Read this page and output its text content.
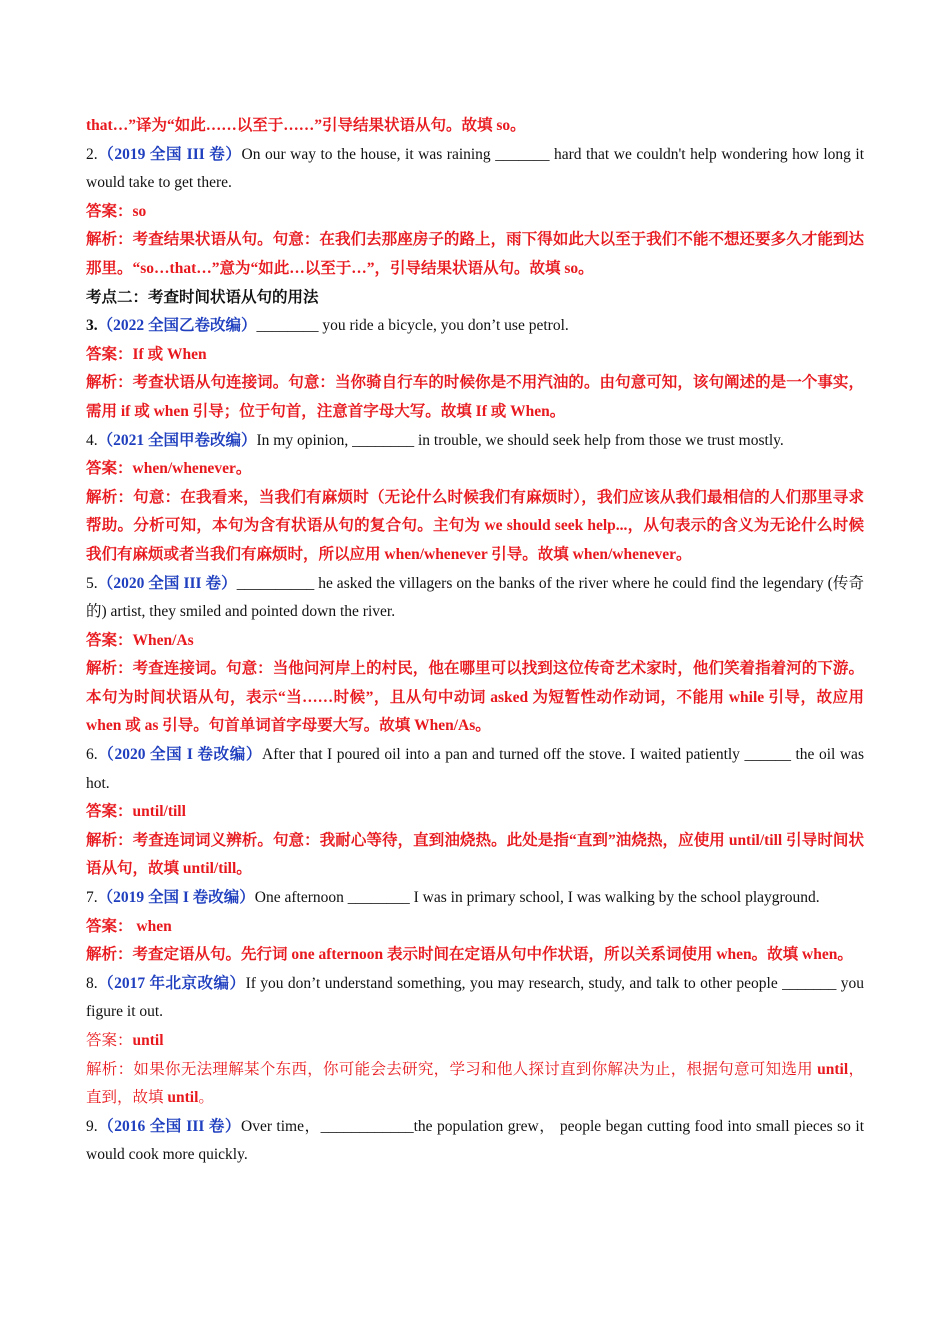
that…”译为“如此……以至于……”引导结果状语从句。故填 so。
2.（2019 全国 III 卷）On our way to the house, it was raining _______ hard that we couldn't help wondering how long it would take to get there.
答案：so
解析：考查结果状语从句。句意：在我们去那座房子的路上，雨下得如此大以至于我们不能不想还要多久才能到达那里。“so…that…”意为“如此…以至于…”，引导结果状语从句。故填 so。
考点二：考查时间状语从句的用法
3.（2022 全国乙卷改编）________ you ride a bicycle, you don’t use petrol.
答案：If 或 When
解析：考查状语从句连接词。句意：当你骑自行车的时候你是不用汽油的。由句意可知，该句阐述的是一个事实，需用 if 或 when 引导；位于句首，注意首字母大写。故填 If 或 When。
4.（2021 全国甲卷改编）In my opinion, ________ in trouble, we should seek help from those we trust mostly.
答案：when/whenever。
解析：句意：在我看来，当我们有麻烦时（无论什么时候我们有麻烦时），我们应该从我们最相信的人们那里寻求帮助。分析可知，本句为含有状语从句的复合句。主句为 we should seek help...，从句表示的含义为无论什么时候我们有麻烦或者当我们有麻烦时，所以应用 when/whenever 引导。故填 when/whenever。
5.（2020 全国 III 卷）__________ he asked the villagers on the banks of the river where he could find the legendary (传奇的) artist, they smiled and pointed down the river.
答案：When/As
解析：考查连接词。句意：当他问河岸上的村民，他在哪里可以找到这位传奇艺术家时，他们笑着指着河的下游。本句为时间状语从句，表示“当……时候”，且从句中动词 asked 为短暂性动作动词，不能用 while 引导，故应用 when 或 as 引导。句首单词首字母要大写。故填 When/As。
6.（2020 全国 I 卷改编）After that I poured oil into a pan and turned off the stove. I waited patiently ______ the oil was hot.
答案：until/till
解析：考查连词词义辨析。句意：我耐心等待，直到油烧热。此处是指“直到”油烧热，应使用 until/till 引导时间状语从句，故填 until/till。
7.（2019 全国 I 卷改编）One afternoon ________ I was in primary school, I was walking by the school playground.
答案： when
解析：考查定语从句。先行词 one afternoon 表示时间在定语从句中作状语，所以关系词使用 when。故填 when。
8.（2017 年北京改编）If you don’t understand something, you may research, study, and talk to other people _______ you figure it out.
答案：until
解析：如果你无法理解某个东西，你可能会去研究，学习和他人探讨直到你解决为止，根据句意可知选用 until，直到，故填 until。
9.（2016 全国 III 卷）Over time，____________the population grew， people began cutting food into small pieces so it would cook more quickly.
